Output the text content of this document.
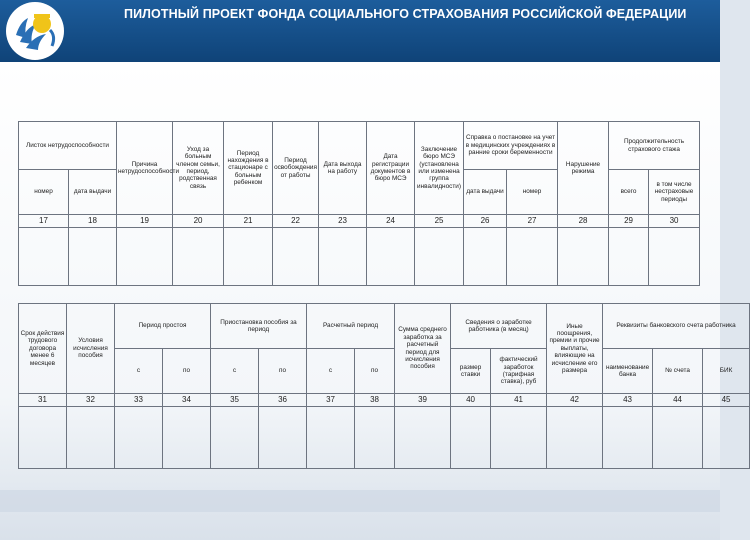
ПИЛОТНЫЙ ПРОЕКТ ФОНДА СОЦИАЛЬНОГО СТРАХОВАНИЯ РОССИЙСКОЙ ФЕДЕРАЦИИ
Листок нетрудоспособности		Причина нетрудоспособности	Уход за больным членом семьи, период, родственная связь	Период нахождения в стационаре с больным ребенком	Период освобождения от работы	Дата выхода на работу	Дата регистрации документов в бюро МСЭ	Заключение бюро МСЭ (установлена или изменена группа инвалидности)	Справка о постановке на учет в медицинских учреждениях в ранние сроки беременности		Нарушение режима	Продолжительность страхового стажа	
номер	дата выдачи								дата выдачи	номер		всего	в том числе нестраховые периоды
17	18	19	20	21	22	23	24	25	26	27	28	29	30

Срок действия трудового договора менее 6 месяцев	Условия исчисления пособия	Период простоя		Приостановка пособия за период		Расчетный период		Сумма среднего заработка за расчетный период для исчисления пособия	Сведения о заработке работника (в месяц)		Иные поощрения, премии и прочие выплаты, влияющие на исчисление его размера	Реквизиты банковского счета работника		
		с	по	с	по	с	по		размер ставки	фактический заработок (тарифная ставка), руб		наименование банка	№ счета	БИК
31	32	33	34	35	36	37	38	39	40	41	42	43	44	45
